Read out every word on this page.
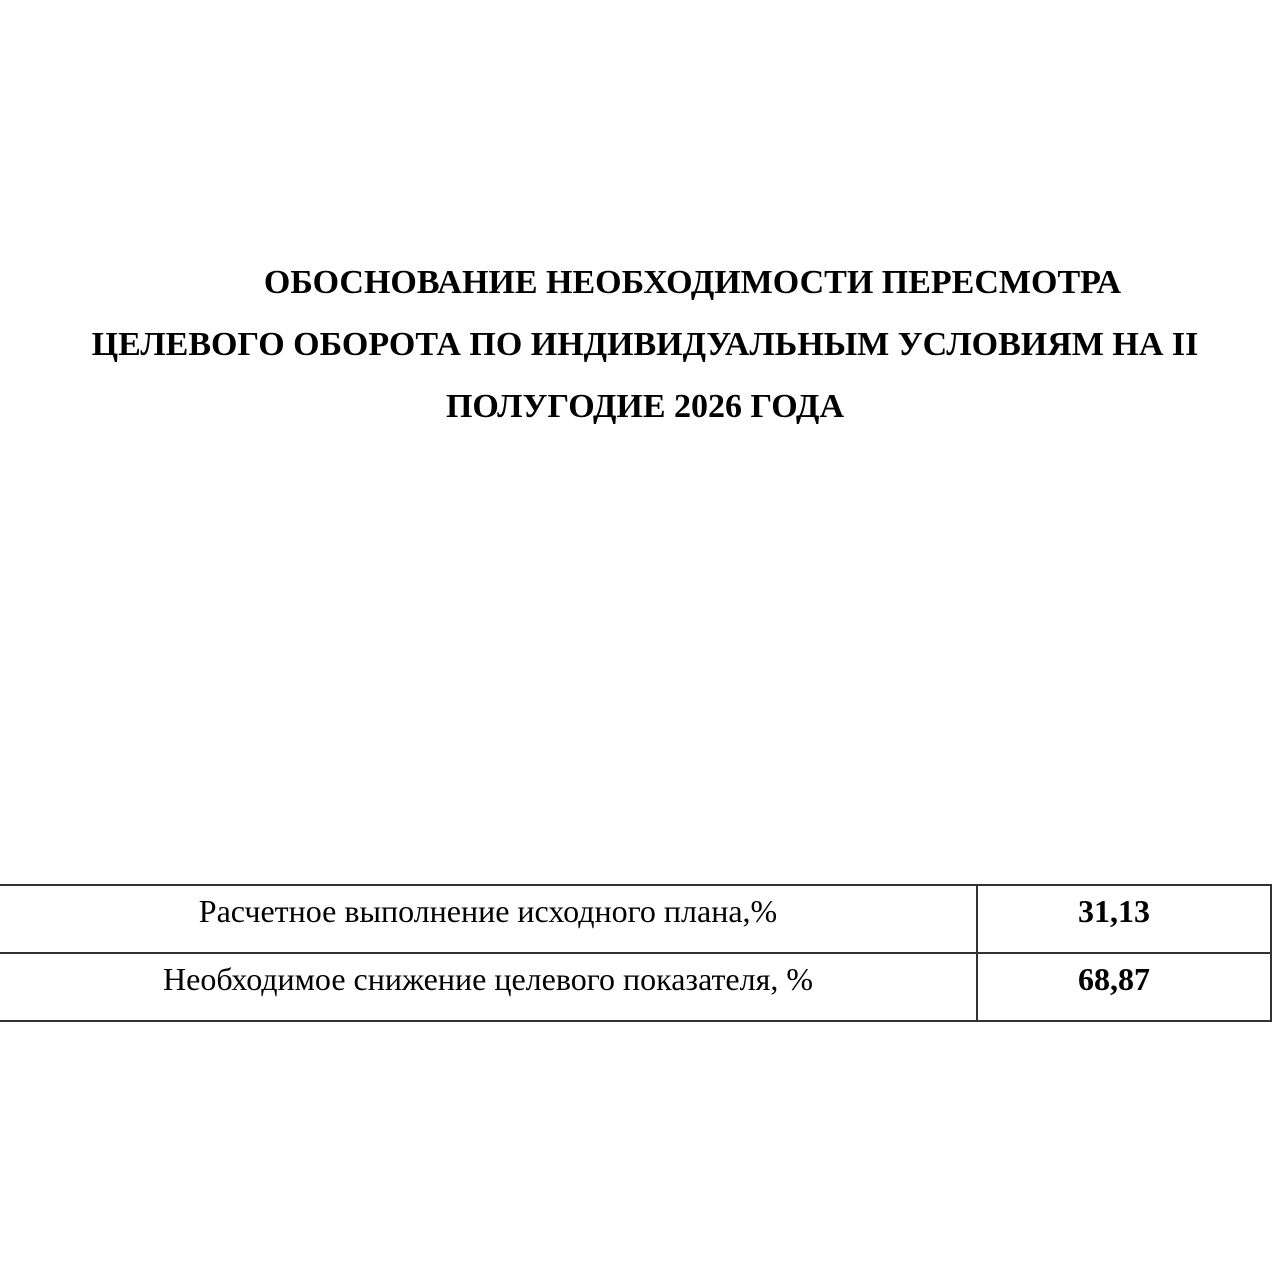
ОБОСНОВАНИЕ НЕОБХОДИМОСТИ ПЕРЕСМОТРА
ЦЕЛЕВОГО ОБОРОТА ПО ИНДИВИДУАЛЬНЫМ УСЛОВИЯМ НА II
ПОЛУГОДИЕ 2026 ГОДА
Расчетное выполнение исходного плана,%	31,13
Необходимое снижение целевого показателя, %	68,87
